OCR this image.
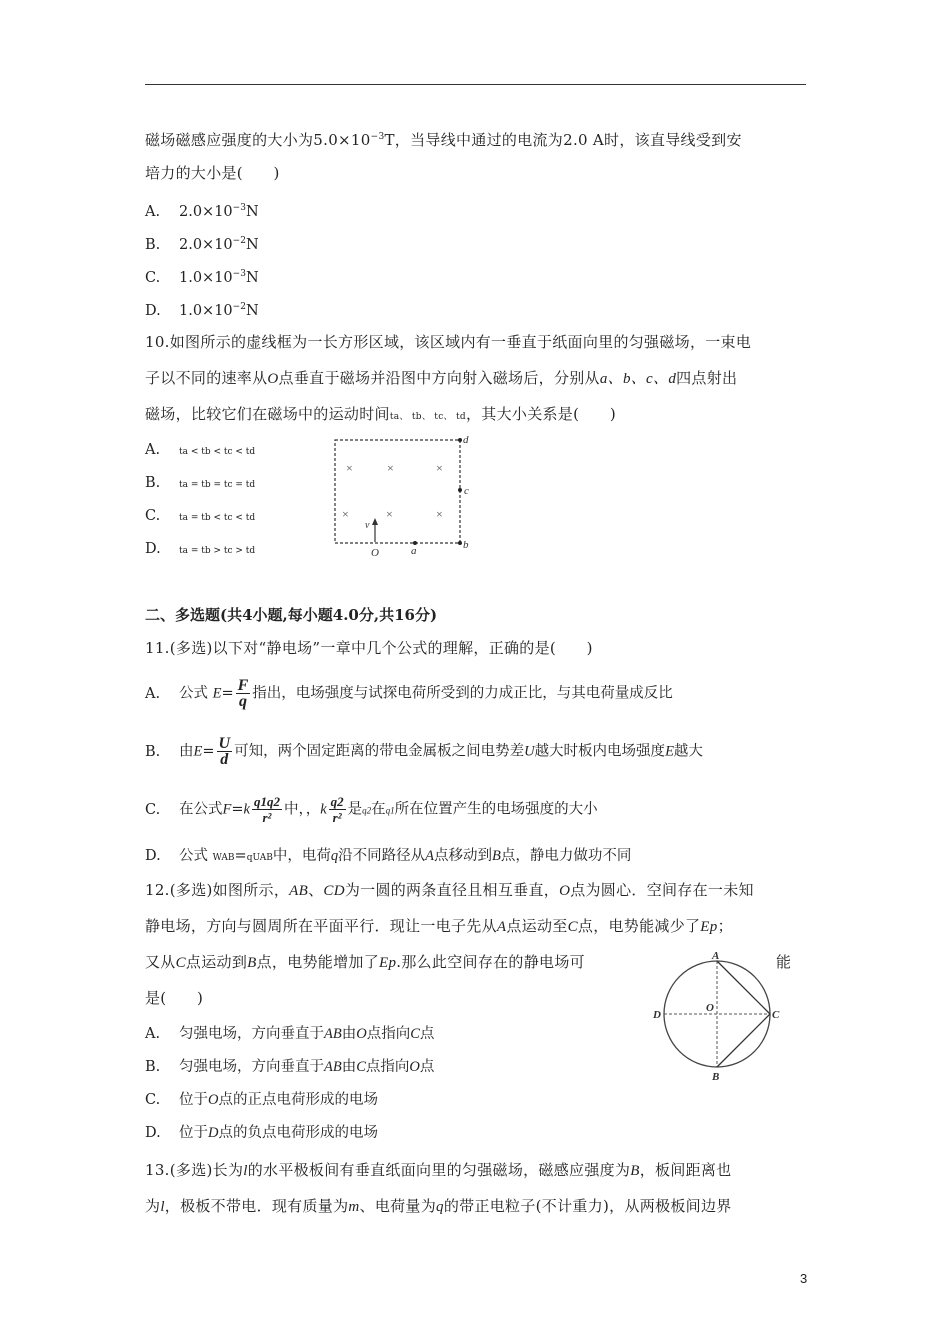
磁场磁感应强度的大小为$5.0\times 10^{-3}T$，当导线中通过的电流为2.0 A时，该直导线受到安
培力的大小是(　　)
A. $2.0\times 10^{-3}N$
B. $2.0\times 10^{-2}N$
C. $1.0\times 10^{-3}N$
D. $1.0\times 10^{-2}N$
10.如图所示的虚线框为一长方形区域，该区域内有一垂直于纸面向里的匀强磁场，一束电
子以不同的速率从O点垂直于磁场并沿图中方向射入磁场后，分别从a、b、c、d四点射出
磁场，比较它们在磁场中的运动时间ta、 tb、 tc、 td，其大小关系是(　　)
A. ta < tb < tc < td
B. ta = tb = tc = td
C. ta = tb < tc < td
D. ta = tb > tc > td
×	×	×
×	×	×
v
O	a	b
c
d
二、多选题(共4小题,每小题4.0分,共16分)
11.(多选)以下对“静电场”一章中几个公式的理解，正确的是(　　)
A. 公式 $E= \frac{F}{q}$ 指出，电场强度与试探电荷所受到的力成正比，与其电荷量成反比
B. 由$E= \frac{U}{d}$ 可知，两个固定距离的带电金属板之间电势差U越大时板内电场强度E越大
C. 在公式$F=k \frac{q1q2}{\text{r²}}$ 中，，k $\frac{q2}{\text{r²}}$ 是q2在q1所在位置产生的电场强度的大小
D. 公式 WAB=qUAB中，电荷q沿不同路径从A点移动到B点，静电力做功不同
12.(多选)如图所示，AB、CD为一圆的两条直径且相互垂直，O点为圆心．空间存在一未知
静电场，方向与圆周所在平面平行．现让一电子先从A点运动至C点，电势能减少了Ep；
又从C点运动到B点，电势能增加了Ep.那么此空间存在的静电场可	能
是(　　)
A. 匀强电场，方向垂直于AB由O点指向C点
B. 匀强电场，方向垂直于AB由C点指向O点
C. 位于O点的正点电荷形成的电场
D. 位于D点的负点电荷形成的电场
A
B
C
D
O
13.(多选)长为l的水平极板间有垂直纸面向里的匀强磁场，磁感应强度为B，板间距离也
为l，极板不带电．现有质量为m、电荷量为q的带正电粒子(不计重力)，从两极板间边界
3
